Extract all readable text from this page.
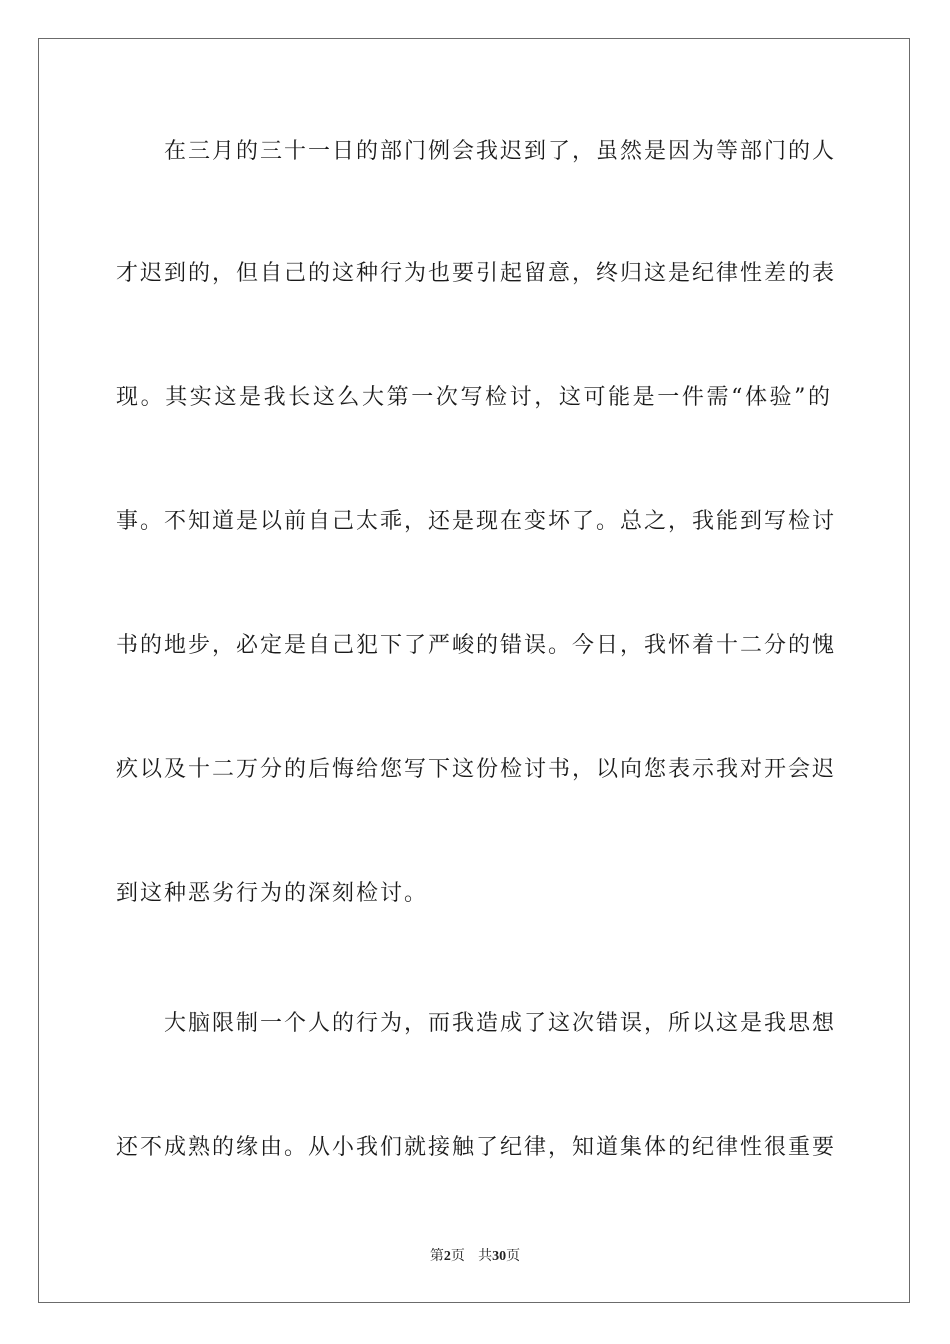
在三月的三十一日的部门例会我迟到了，虽然是因为等部门的人
才迟到的，但自己的这种行为也要引起留意，终归这是纪律性差的表
现。其实这是我长这么大第一次写检讨，这可能是一件需“体验”的
事。不知道是以前自己太乖，还是现在变坏了。总之，我能到写检讨
书的地步，必定是自己犯下了严峻的错误。今日，我怀着十二分的愧
疚以及十二万分的后悔给您写下这份检讨书，以向您表示我对开会迟
到这种恶劣行为的深刻检讨。
大脑限制一个人的行为，而我造成了这次错误，所以这是我思想
还不成熟的缘由。从小我们就接触了纪律，知道集体的纪律性很重要
第2页 共30页
